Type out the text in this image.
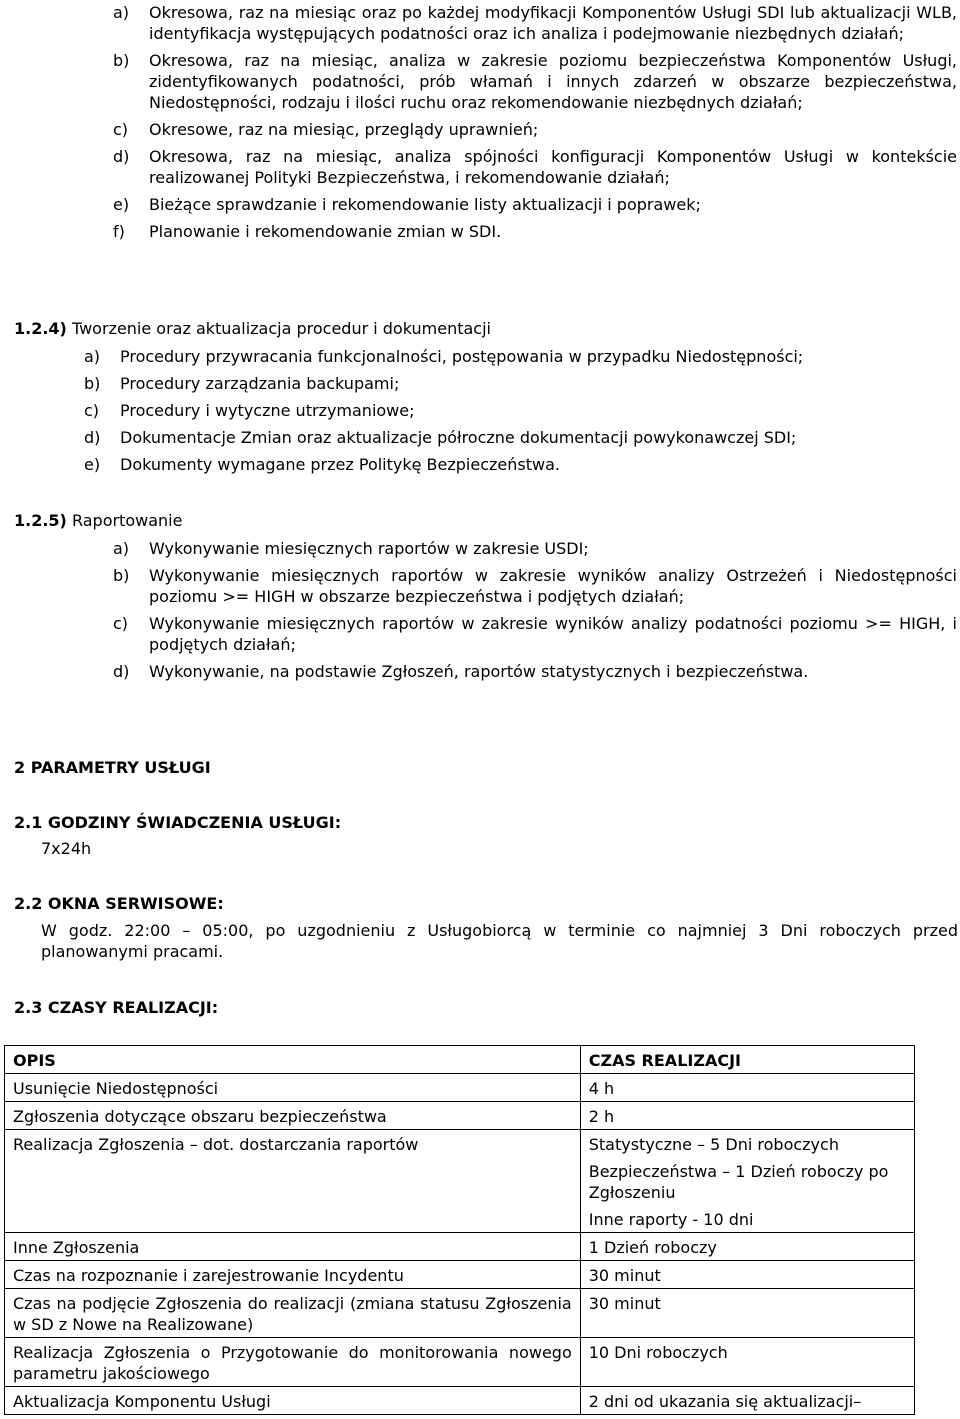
a) Okresowa, raz na miesiąc oraz po każdej modyfikacji Komponentów Usługi SDI lub aktualizacji WLB, identyfikacja występujących podatności oraz ich analiza i podejmowanie niezbędnych działań;
b) Okresowa, raz na miesiąc, analiza w zakresie poziomu bezpieczeństwa Komponentów Usługi, zidentyfikowanych podatności, prób włamań i innych zdarzeń w obszarze bezpieczeństwa, Niedostępności, rodzaju i ilości ruchu oraz rekomendowanie niezbędnych działań;
c) Okresowe, raz na miesiąc, przeglądy uprawnień;
d) Okresowa, raz na miesiąc, analiza spójności konfiguracji Komponentów Usługi w kontekście realizowanej Polityki Bezpieczeństwa, i rekomendowanie działań;
e) Bieżące sprawdzanie i rekomendowanie listy aktualizacji i poprawek;
f) Planowanie i rekomendowanie zmian w SDI.
1.2.4) Tworzenie oraz aktualizacja procedur i dokumentacji
a) Procedury przywracania funkcjonalności, postępowania w przypadku Niedostępności;
b) Procedury zarządzania backupami;
c) Procedury i wytyczne utrzymaniowe;
d) Dokumentacje Zmian oraz aktualizacje półroczne dokumentacji powykonawczej SDI;
e) Dokumenty wymagane przez Politykę Bezpieczeństwa.
1.2.5) Raportowanie
a) Wykonywanie miesięcznych raportów w zakresie USDI;
b) Wykonywanie miesięcznych raportów w zakresie wyników analizy Ostrzeżeń i Niedostępności poziomu >= HIGH w obszarze bezpieczeństwa i podjętych działań;
c) Wykonywanie miesięcznych raportów w zakresie wyników analizy podatności poziomu >= HIGH, i podjętych działań;
d) Wykonywanie, na podstawie Zgłoszeń, raportów statystycznych i bezpieczeństwa.
2 PARAMETRY USŁUGI
2.1 GODZINY ŚWIADCZENIA USŁUGI:
7x24h
2.2 OKNA SERWISOWE:
W godz. 22:00 – 05:00, po uzgodnieniu z Usługobiorcą w terminie co najmniej 3 Dni roboczych przed planowanymi pracami.
2.3 CZASY REALIZACJI:
OPIS	CZAS REALIZACJI
Usunięcie Niedostępności	4 h
Zgłoszenia dotyczące obszaru bezpieczeństwa	2 h
Realizacja Zgłoszenia – dot. dostarczania raportów	Statystyczne – 5 Dni roboczych
Bezpieczeństwa – 1 Dzień roboczy po Zgłoszeniu
Inne raporty - 10 dni

Inne Zgłoszenia	1 Dzień roboczy
Czas na rozpoznanie i zarejestrowanie Incydentu	30 minut
Czas na podjęcie Zgłoszenia do realizacji (zmiana statusu Zgłoszenia w SD z Nowe na Realizowane)	30 minut
Realizacja Zgłoszenia o Przygotowanie do monitorowania nowego parametru jakościowego	10 Dni roboczych
Aktualizacja Komponentu Usługi	2 dni od ukazania się aktualizacji–
